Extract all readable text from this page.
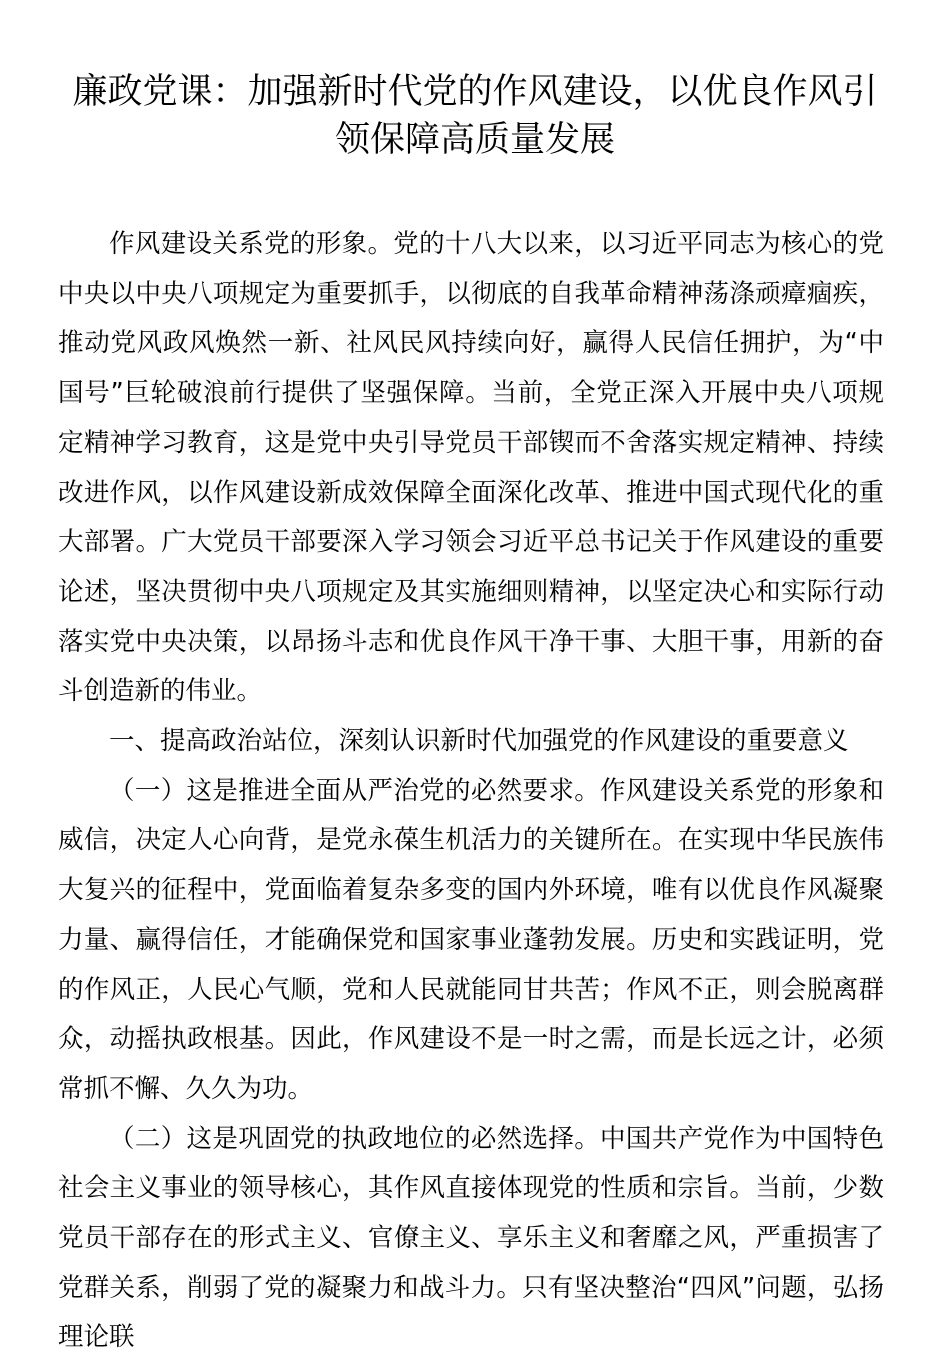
廉政党课：加强新时代党的作风建设，以优良作风引领保障高质量发展

作风建设关系党的形象。党的十八大以来，以习近平同志为核心的党中央以中央八项规定为重要抓手，以彻底的自我革命精神荡涤顽瘴痼疾，推动党风政风焕然一新、社风民风持续向好，赢得人民信任拥护，为“中国号”巨轮破浪前行提供了坚强保障。当前，全党正深入开展中央八项规定精神学习教育，这是党中央引导党员干部锲而不舍落实规定精神、持续改进作风，以作风建设新成效保障全面深化改革、推进中国式现代化的重大部署。广大党员干部要深入学习领会习近平总书记关于作风建设的重要论述，坚决贯彻中央八项规定及其实施细则精神，以坚定决心和实际行动落实党中央决策，以昂扬斗志和优良作风干净干事、大胆干事，用新的奋斗创造新的伟业。

一、提高政治站位，深刻认识新时代加强党的作风建设的重要意义

（一）这是推进全面从严治党的必然要求。作风建设关系党的形象和威信，决定人心向背，是党永葆生机活力的关键所在。在实现中华民族伟大复兴的征程中，党面临着复杂多变的国内外环境，唯有以优良作风凝聚力量、赢得信任，才能确保党和国家事业蓬勃发展。历史和实践证明，党的作风正，人民心气顺，党和人民就能同甘共苦；作风不正，则会脱离群众，动摇执政根基。因此，作风建设不是一时之需，而是长远之计，必须常抓不懈、久久为功。

（二）这是巩固党的执政地位的必然选择。中国共产党作为中国特色社会主义事业的领导核心，其作风直接体现党的性质和宗旨。当前，少数党员干部存在的形式主义、官僚主义、享乐主义和奢靡之风，严重损害了党群关系，削弱了党的凝聚力和战斗力。只有坚决整治“四风”问题，弘扬理论联
